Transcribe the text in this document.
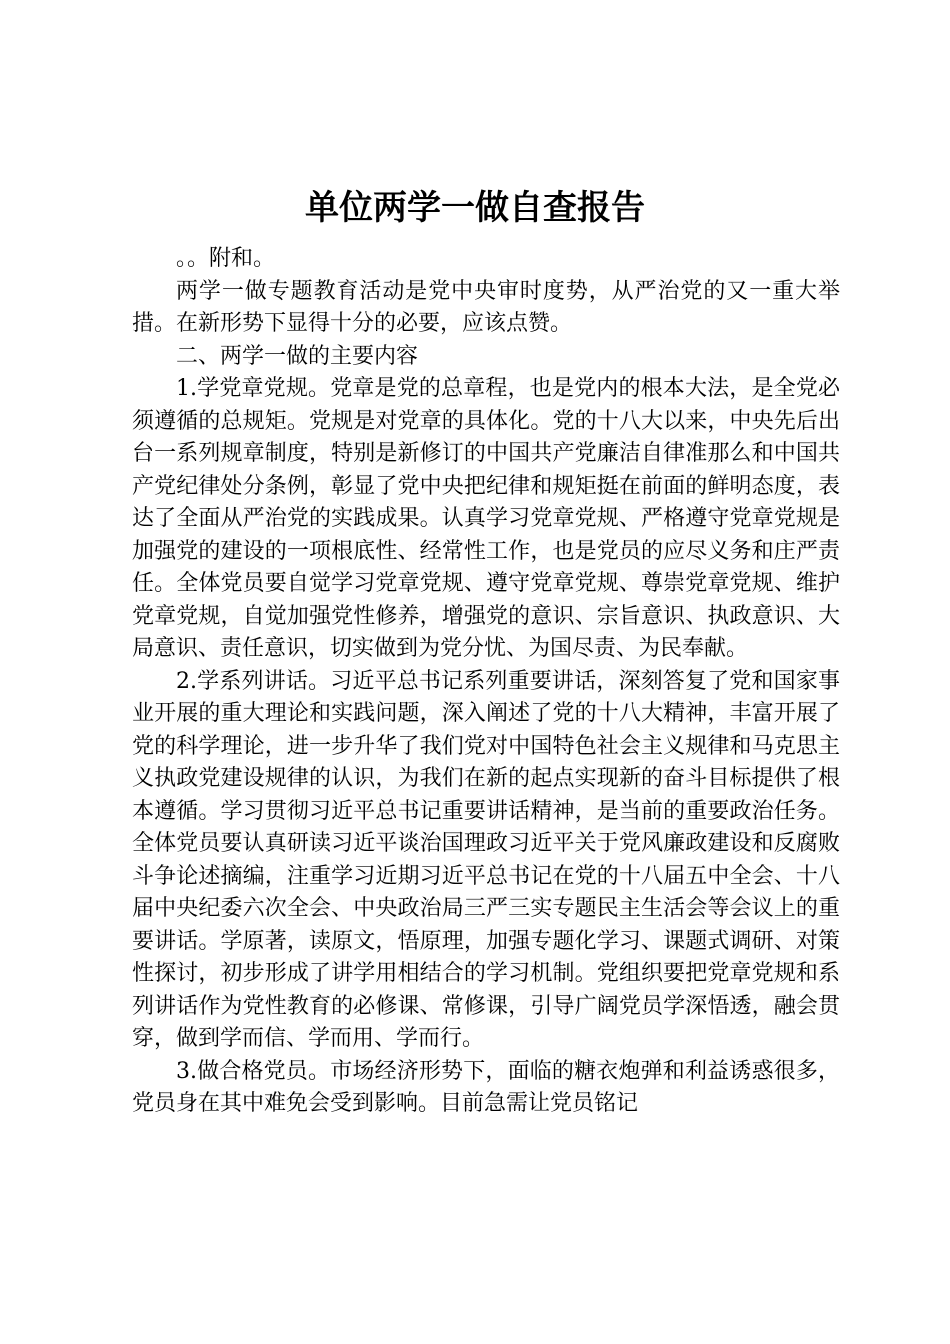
单位两学一做自查报告

。。附和。

两学一做专题教育活动是党中央审时度势，从严治党的又一重大举措。在新形势下显得十分的必要，应该点赞。

二、两学一做的主要内容

1.学党章党规。党章是党的总章程，也是党内的根本大法，是全党必须遵循的总规矩。党规是对党章的具体化。党的十八大以来，中央先后出台一系列规章制度，特别是新修订的中国共产党廉洁自律准那么和中国共产党纪律处分条例，彰显了党中央把纪律和规矩挺在前面的鲜明态度，表达了全面从严治党的实践成果。认真学习党章党规、严格遵守党章党规是加强党的建设的一项根底性、经常性工作，也是党员的应尽义务和庄严责任。全体党员要自觉学习党章党规、遵守党章党规、尊崇党章党规、维护党章党规，自觉加强党性修养，增强党的意识、宗旨意识、执政意识、大局意识、责任意识，切实做到为党分忧、为国尽责、为民奉献。

2.学系列讲话。习近平总书记系列重要讲话，深刻答复了党和国家事业开展的重大理论和实践问题，深入阐述了党的十八大精神，丰富开展了党的科学理论，进一步升华了我们党对中国特色社会主义规律和马克思主义执政党建设规律的认识，为我们在新的起点实现新的奋斗目标提供了根本遵循。学习贯彻习近平总书记重要讲话精神，是当前的重要政治任务。全体党员要认真研读习近平谈治国理政习近平关于党风廉政建设和反腐败斗争论述摘编，注重学习近期习近平总书记在党的十八届五中全会、十八届中央纪委六次全会、中央政治局三严三实专题民主生活会等会议上的重要讲话。学原著，读原文，悟原理，加强专题化学习、课题式调研、对策性探讨，初步形成了讲学用相结合的学习机制。党组织要把党章党规和系列讲话作为党性教育的必修课、常修课，引导广阔党员学深悟透，融会贯穿，做到学而信、学而用、学而行。

3.做合格党员。市场经济形势下，面临的糖衣炮弹和利益诱惑很多，党员身在其中难免会受到影响。目前急需让党员铭记
